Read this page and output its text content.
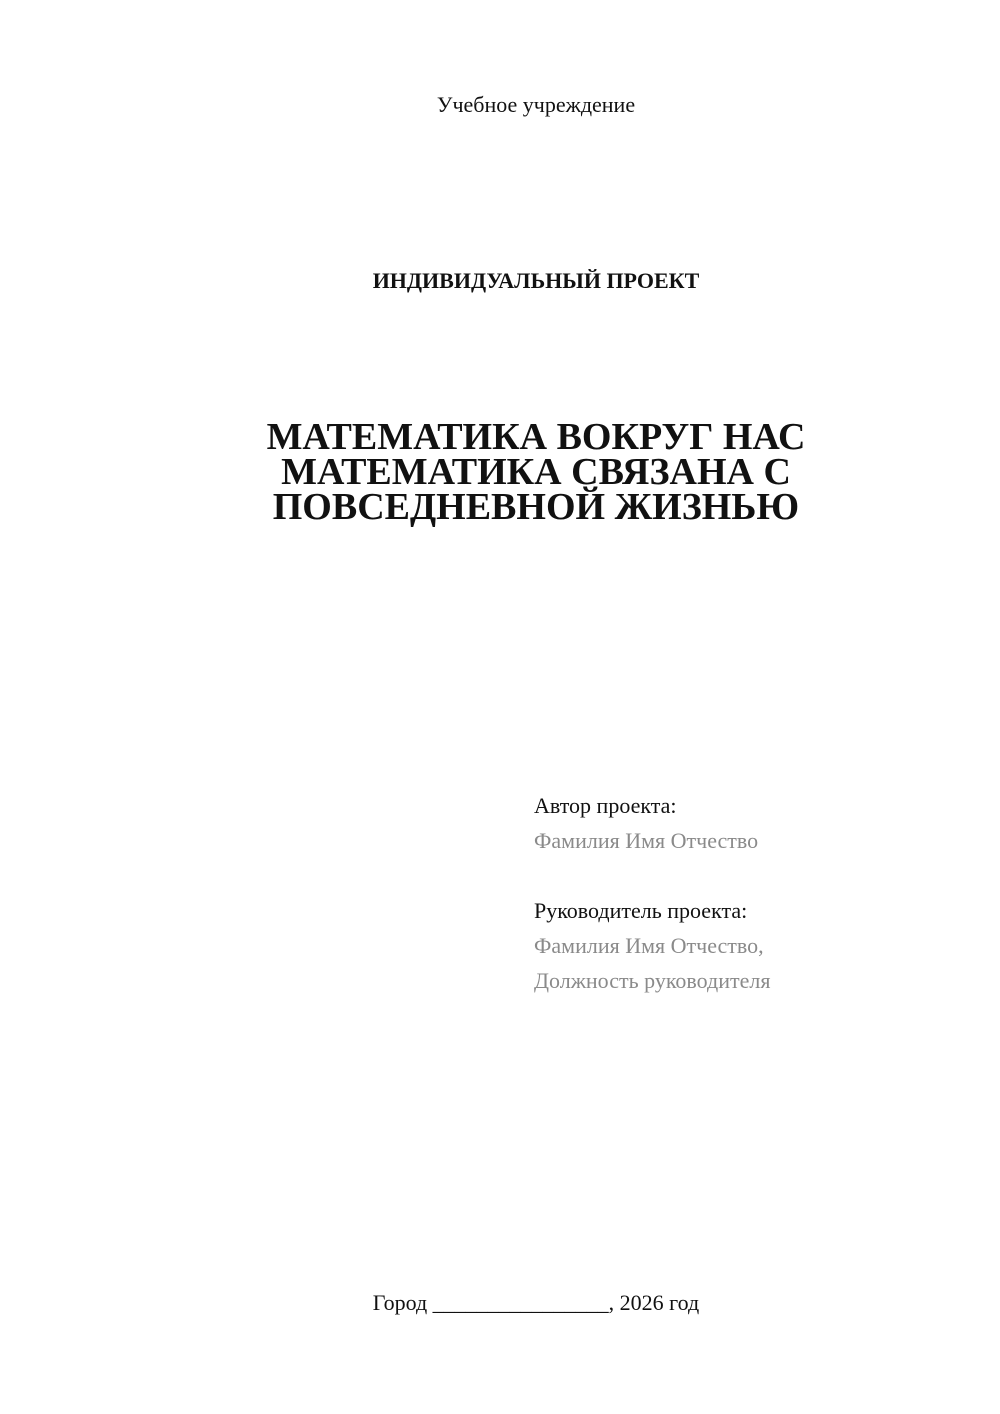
Учебное учреждение
ИНДИВИДУАЛЬНЫЙ ПРОЕКТ
МАТЕМАТИКА ВОКРУГ НАС
МАТЕМАТИКА СВЯЗАНА С
ПОВСЕДНЕВНОЙ ЖИЗНЬЮ
Автор проекта:
Фамилия Имя Отчество
Руководитель проекта:
Фамилия Имя Отчество,
Должность руководителя
Город ________________, 2026 год
